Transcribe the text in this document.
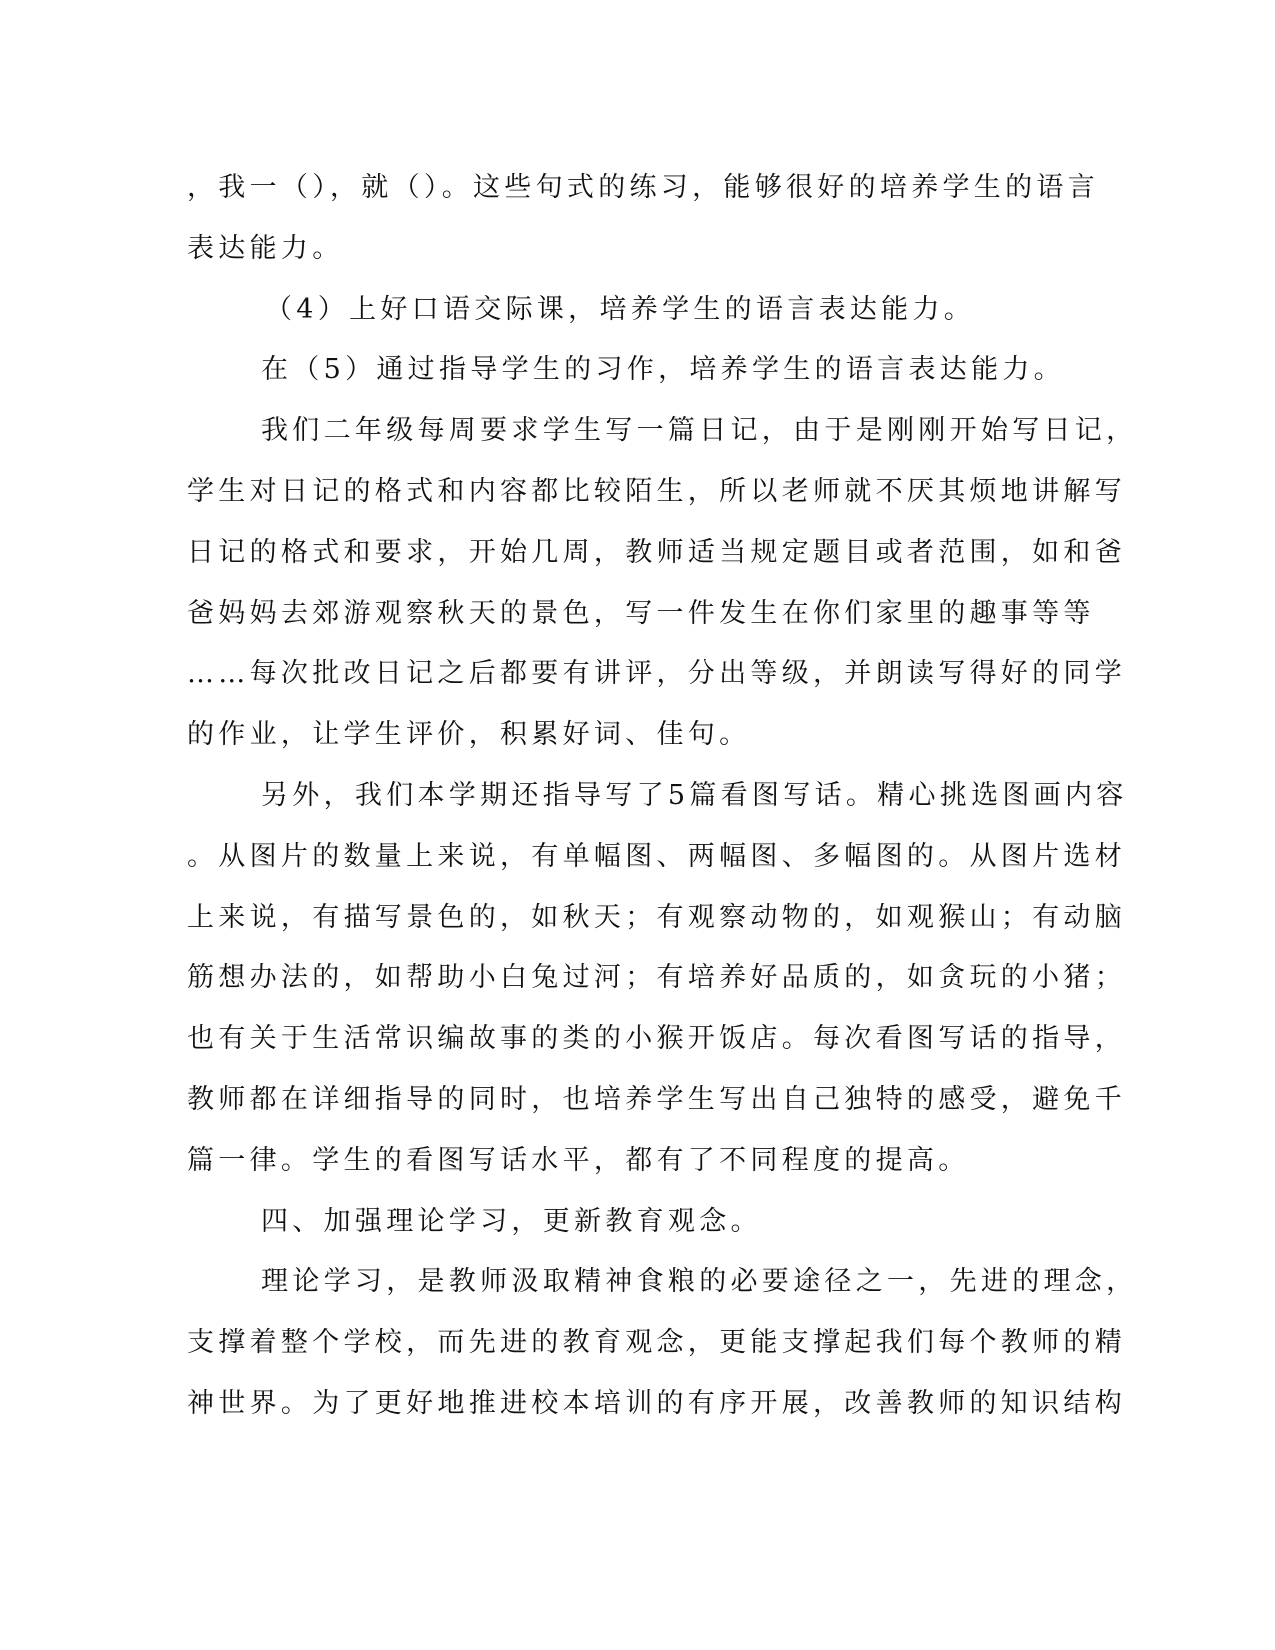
，我一（），就（）。这些句式的练习，能够很好的培养学生的语言
表达能力。
（4）上好口语交际课，培养学生的语言表达能力。
在（5）通过指导学生的习作，培养学生的语言表达能力。
我们二年级每周要求学生写一篇日记，由于是刚刚开始写日记，
学生对日记的格式和内容都比较陌生，所以老师就不厌其烦地讲解写
日记的格式和要求，开始几周，教师适当规定题目或者范围，如和爸
爸妈妈去郊游观察秋天的景色，写一件发生在你们家里的趣事等等
……每次批改日记之后都要有讲评，分出等级，并朗读写得好的同学
的作业，让学生评价，积累好词、佳句。
另外，我们本学期还指导写了5篇看图写话。精心挑选图画内容
。从图片的数量上来说，有单幅图、两幅图、多幅图的。从图片选材
上来说，有描写景色的，如秋天；有观察动物的，如观猴山；有动脑
筋想办法的，如帮助小白兔过河；有培养好品质的，如贪玩的小猪；
也有关于生活常识编故事的类的小猴开饭店。每次看图写话的指导，
教师都在详细指导的同时，也培养学生写出自己独特的感受，避免千
篇一律。学生的看图写话水平，都有了不同程度的提高。
四、加强理论学习，更新教育观念。
理论学习，是教师汲取精神食粮的必要途径之一，先进的理念，
支撑着整个学校，而先进的教育观念，更能支撑起我们每个教师的精
神世界。为了更好地推进校本培训的有序开展，改善教师的知识结构
